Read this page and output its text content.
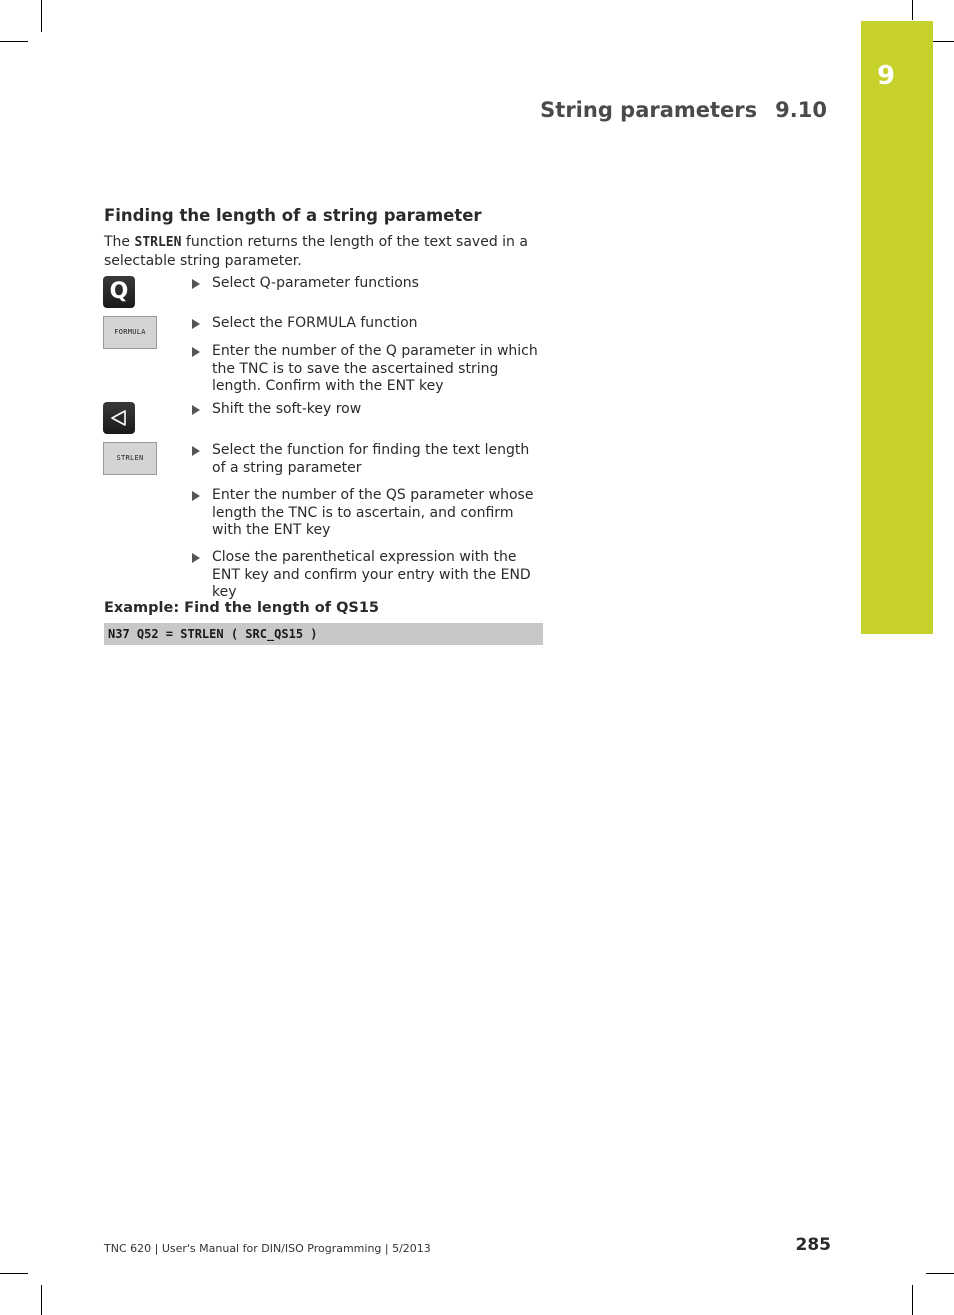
9
String parameters 9.10
Finding the length of a string parameter
The STRLEN function returns the length of the text saved in a selectable string parameter.
Q
FORMULA
STRLEN
Select Q-parameter functions
Select the FORMULA function
Enter the number of the Q parameter in which the TNC is to save the ascertained string length. Confirm with the ENT key
Shift the soft-key row
Select the function for finding the text length of a string parameter
Enter the number of the QS parameter whose length the TNC is to ascertain, and confirm with the ENT key
Close the parenthetical expression with the ENT key and confirm your entry with the END key
Example: Find the length of QS15
N37 Q52 = STRLEN ( SRC_QS15 )
TNC 620 | User's Manual for DIN/ISO Programming | 5/2013	285
